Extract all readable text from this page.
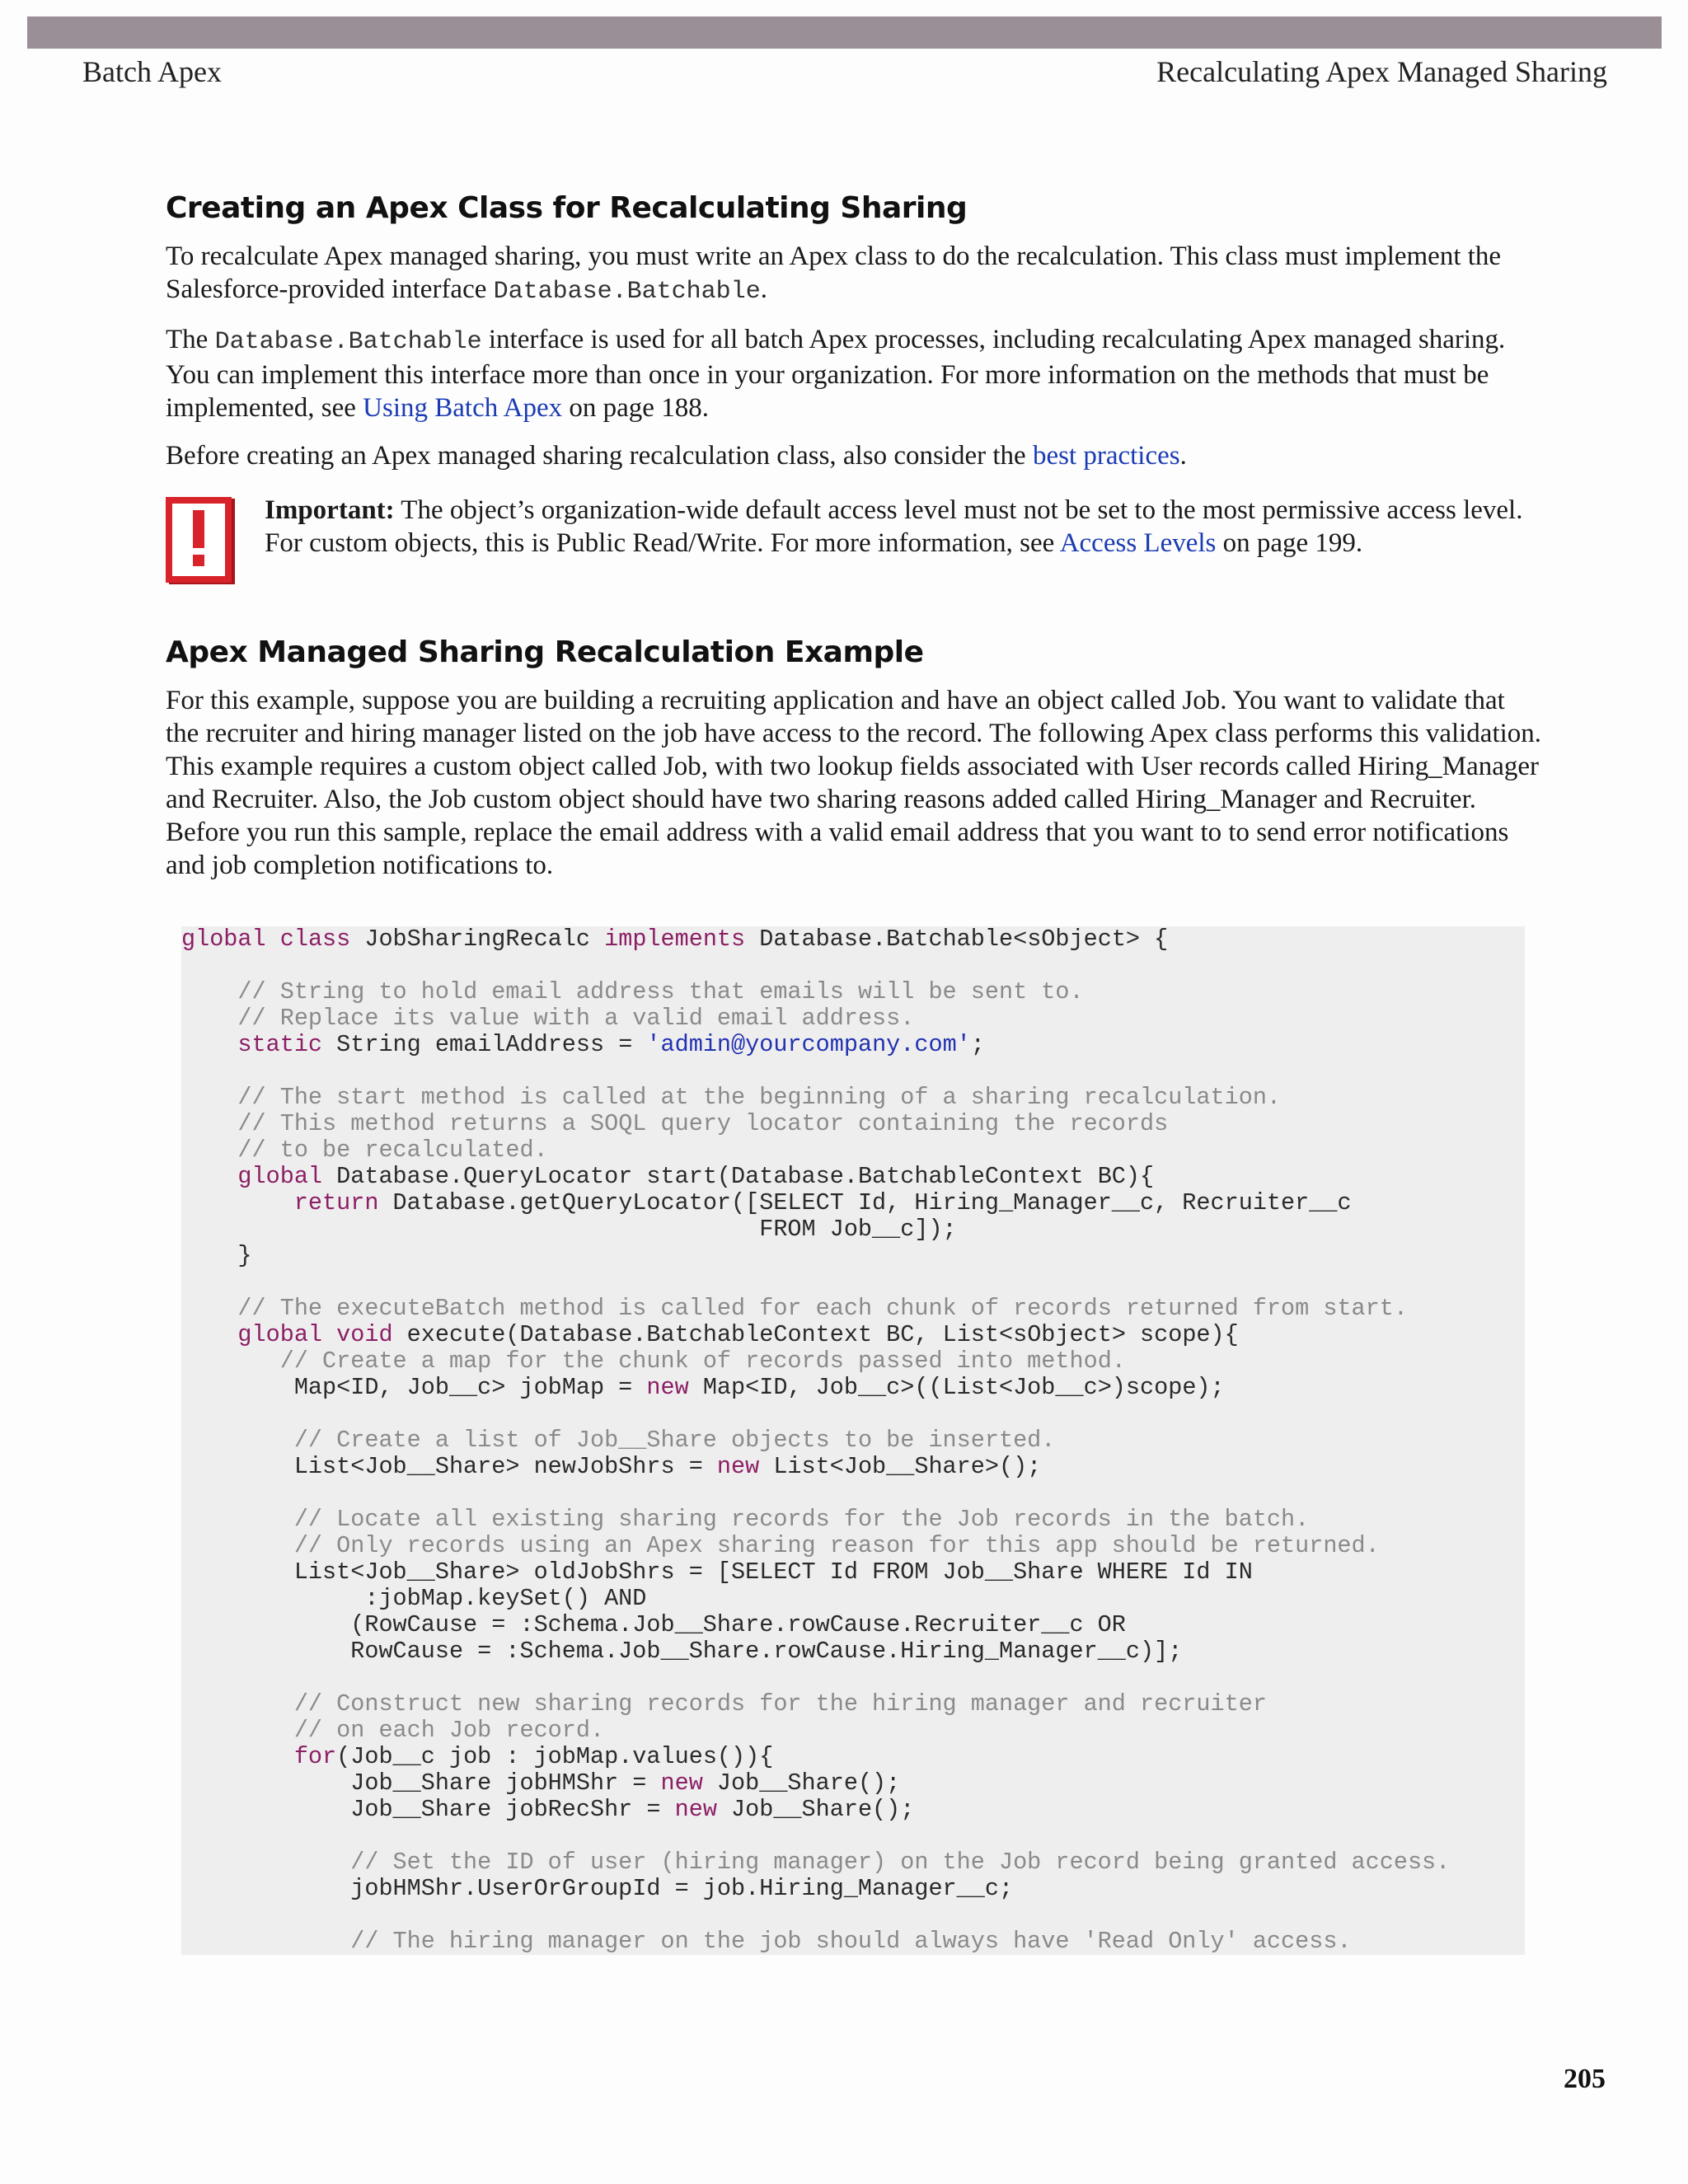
Batch Apex	Recalculating Apex Managed Sharing
Creating an Apex Class for Recalculating Sharing

To recalculate Apex managed sharing, you must write an Apex class to do the recalculation. This class must implement the Salesforce-provided interface Database.Batchable.

The Database.Batchable interface is used for all batch Apex processes, including recalculating Apex managed sharing. You can implement this interface more than once in your organization. For more information on the methods that must be implemented, see Using Batch Apex on page 188.

Before creating an Apex managed sharing recalculation class, also consider the best practices.

Important: The object’s organization-wide default access level must not be set to the most permissive access level. For custom objects, this is Public Read/Write. For more information, see Access Levels on page 199.
Apex Managed Sharing Recalculation Example

For this example, suppose you are building a recruiting application and have an object called Job. You want to validate that the recruiter and hiring manager listed on the job have access to the record. The following Apex class performs this validation. This example requires a custom object called Job, with two lookup fields associated with User records called Hiring_Manager and Recruiter. Also, the Job custom object should have two sharing reasons added called Hiring_Manager and Recruiter. Before you run this sample, replace the email address with a valid email address that you want to to send error notifications and job completion notifications to.

global class JobSharingRecalc implements Database.Batchable<sObject> {

// String to hold email address that emails will be sent to.
// Replace its value with a valid email address.
static String emailAddress = 'admin@yourcompany.com';

// The start method is called at the beginning of a sharing recalculation.
// This method returns a SOQL query locator containing the records
// to be recalculated.
global Database.QueryLocator start(Database.BatchableContext BC){
return Database.getQueryLocator([SELECT Id, Hiring_Manager__c, Recruiter__c
FROM Job__c]);
}

// The executeBatch method is called for each chunk of records returned from start.
global void execute(Database.BatchableContext BC, List<sObject> scope){
// Create a map for the chunk of records passed into method.
Map<ID, Job__c> jobMap = new Map<ID, Job__c>((List<Job__c>)scope);

// Create a list of Job__Share objects to be inserted.
List<Job__Share> newJobShrs = new List<Job__Share>();

// Locate all existing sharing records for the Job records in the batch.
// Only records using an Apex sharing reason for this app should be returned.
List<Job__Share> oldJobShrs = [SELECT Id FROM Job__Share WHERE Id IN
:jobMap.keySet() AND
(RowCause = :Schema.Job__Share.rowCause.Recruiter__c OR
RowCause = :Schema.Job__Share.rowCause.Hiring_Manager__c)];

// Construct new sharing records for the hiring manager and recruiter
// on each Job record.
for(Job__c job : jobMap.values()){
Job__Share jobHMShr = new Job__Share();
Job__Share jobRecShr = new Job__Share();

// Set the ID of user (hiring manager) on the Job record being granted access.
jobHMShr.UserOrGroupId = job.Hiring_Manager__c;

// The hiring manager on the job should always have 'Read Only' access.
205
